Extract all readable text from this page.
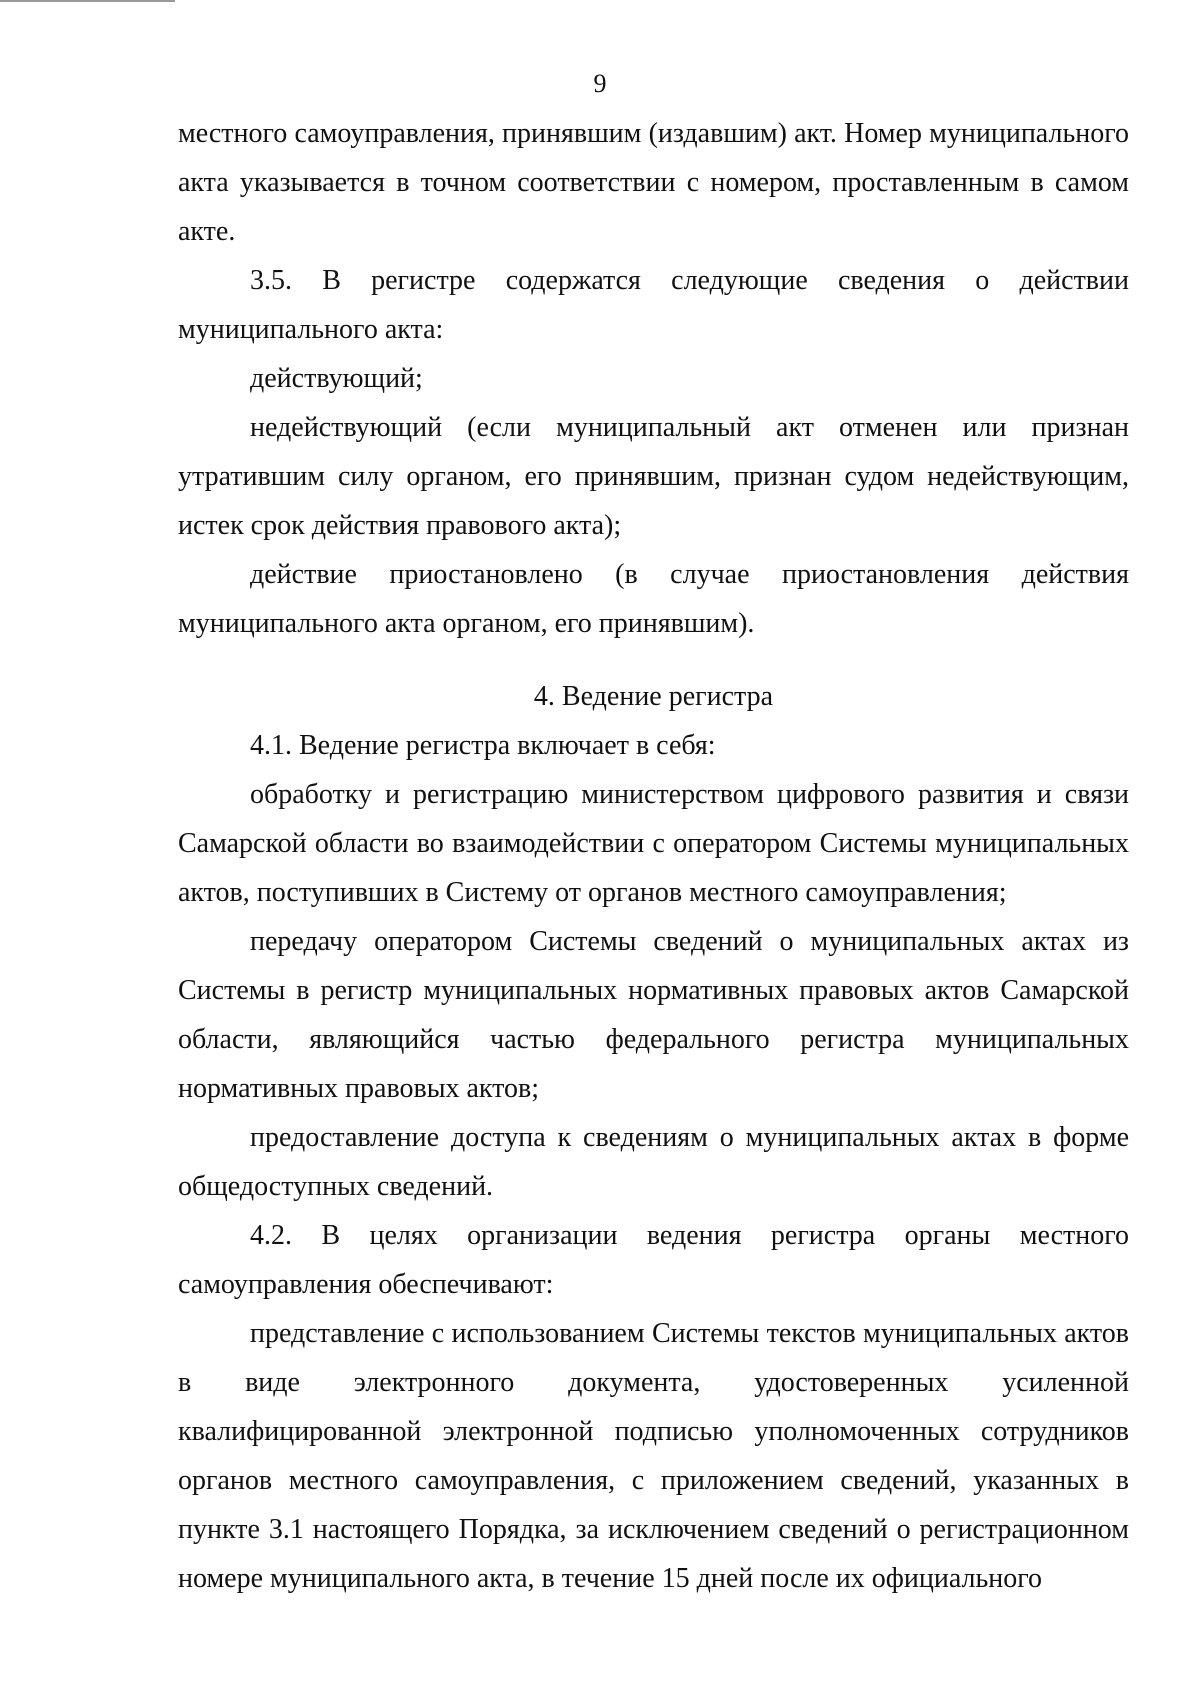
9

местного самоуправления, принявшим (издавшим) акт. Номер муниципального акта указывается в точном соответствии с номером, проставленным в самом акте.

3.5. В регистре содержатся следующие сведения о действии муниципального акта:

действующий;

недействующий (если муниципальный акт отменен или признан утратившим силу органом, его принявшим, признан судом недействующим, истек срок действия правового акта);

действие приостановлено (в случае приостановления действия муниципального акта органом, его принявшим).

4. Ведение регистра

4.1. Ведение регистра включает в себя:

обработку и регистрацию министерством цифрового развития и связи Самарской области во взаимодействии с оператором Системы муниципальных актов, поступивших в Систему от органов местного самоуправления;

передачу оператором Системы сведений о муниципальных актах из Системы в регистр муниципальных нормативных правовых актов Самарской области, являющийся частью федерального регистра муниципальных нормативных правовых актов;

предоставление доступа к сведениям о муниципальных актах в форме общедоступных сведений.

4.2. В целях организации ведения регистра органы местного самоуправления обеспечивают:

представление с использованием Системы текстов муниципальных актов в виде электронного документа, удостоверенных усиленной квалифицированной электронной подписью уполномоченных сотрудников органов местного самоуправления, с приложением сведений, указанных в пункте 3.1 настоящего Порядка, за исключением сведений о регистрационном номере муниципального акта, в течение 15 дней после их официального
